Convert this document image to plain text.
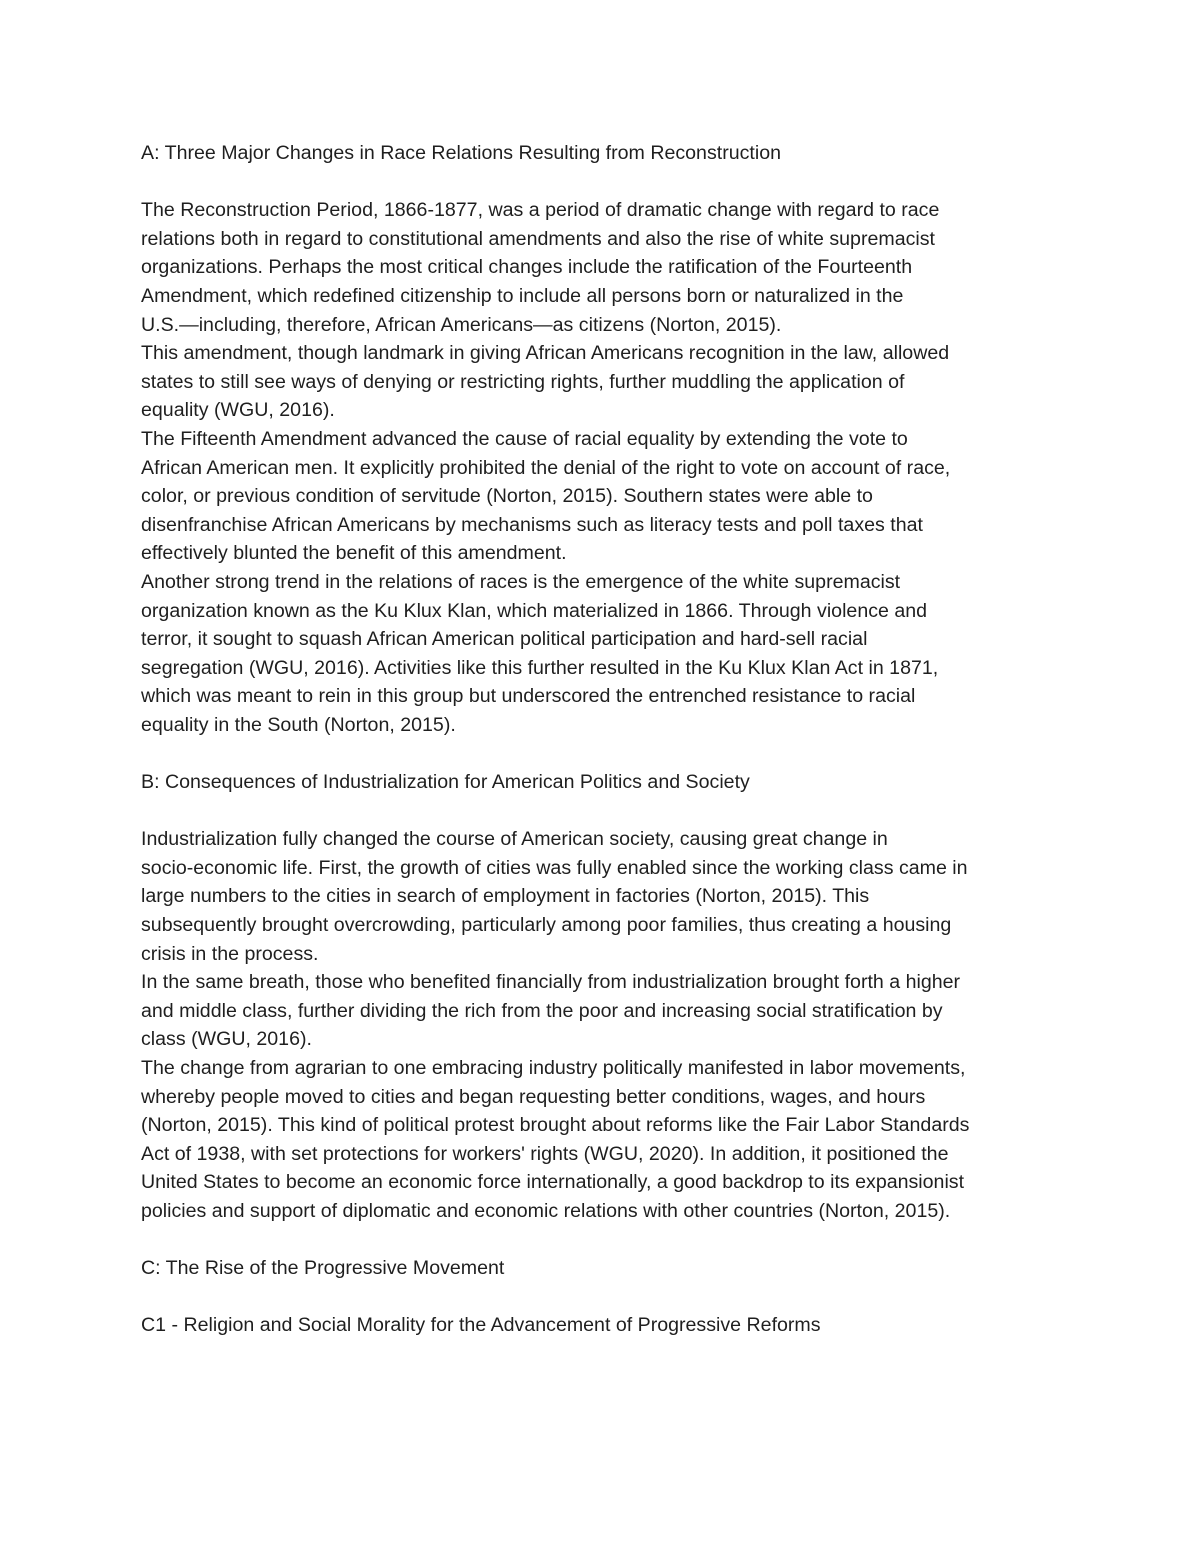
A: Three Major Changes in Race Relations Resulting from Reconstruction

The Reconstruction Period, 1866-1877, was a period of dramatic change with regard to race
relations both in regard to constitutional amendments and also the rise of white supremacist
organizations. Perhaps the most critical changes include the ratification of the Fourteenth
Amendment, which redefined citizenship to include all persons born or naturalized in the
U.S.—including, therefore, African Americans—as citizens (Norton, 2015).

This amendment, though landmark in giving African Americans recognition in the law, allowed
states to still see ways of denying or restricting rights, further muddling the application of
equality (WGU, 2016).

The Fifteenth Amendment advanced the cause of racial equality by extending the vote to
African American men. It explicitly prohibited the denial of the right to vote on account of race,
color, or previous condition of servitude (Norton, 2015). Southern states were able to
disenfranchise African Americans by mechanisms such as literacy tests and poll taxes that
effectively blunted the benefit of this amendment.

Another strong trend in the relations of races is the emergence of the white supremacist
organization known as the Ku Klux Klan, which materialized in 1866. Through violence and
terror, it sought to squash African American political participation and hard-sell racial
segregation (WGU, 2016). Activities like this further resulted in the Ku Klux Klan Act in 1871,
which was meant to rein in this group but underscored the entrenched resistance to racial
equality in the South (Norton, 2015).

B: Consequences of Industrialization for American Politics and Society

Industrialization fully changed the course of American society, causing great change in
socio-economic life. First, the growth of cities was fully enabled since the working class came in
large numbers to the cities in search of employment in factories (Norton, 2015). This
subsequently brought overcrowding, particularly among poor families, thus creating a housing
crisis in the process.

In the same breath, those who benefited financially from industrialization brought forth a higher
and middle class, further dividing the rich from the poor and increasing social stratification by
class (WGU, 2016).

The change from agrarian to one embracing industry politically manifested in labor movements,
whereby people moved to cities and began requesting better conditions, wages, and hours
(Norton, 2015). This kind of political protest brought about reforms like the Fair Labor Standards
Act of 1938, with set protections for workers' rights (WGU, 2020). In addition, it positioned the
United States to become an economic force internationally, a good backdrop to its expansionist
policies and support of diplomatic and economic relations with other countries (Norton, 2015).

C: The Rise of the Progressive Movement

C1 - Religion and Social Morality for the Advancement of Progressive Reforms
